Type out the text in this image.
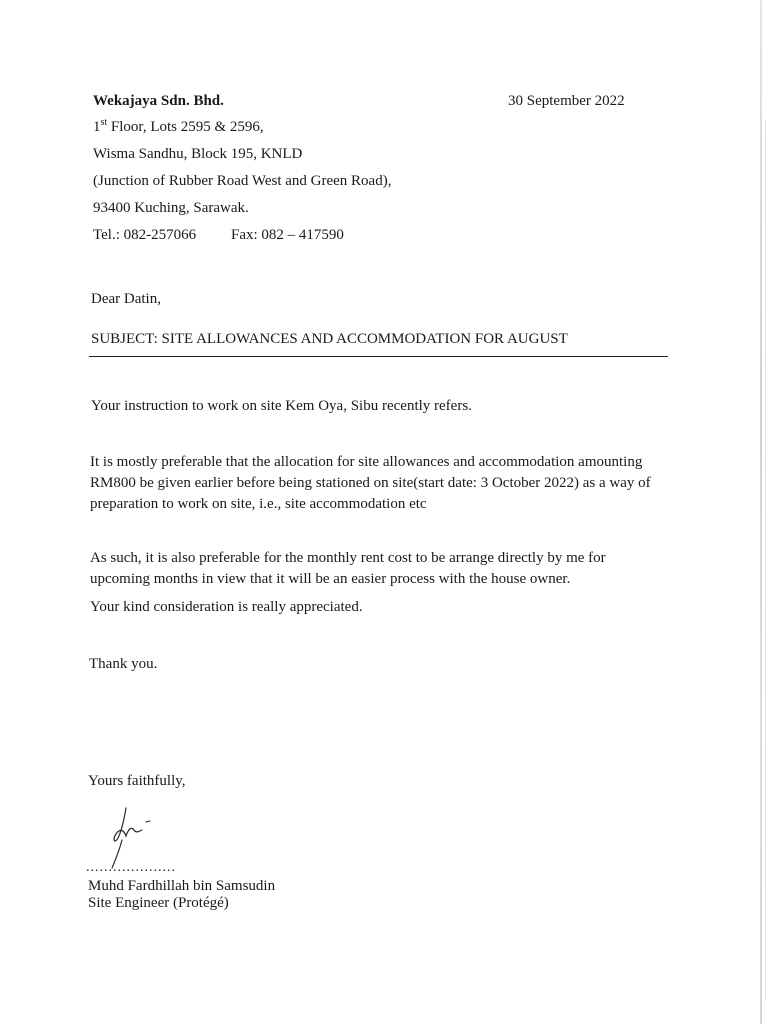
Wekajaya Sdn. Bhd.	30 September 2022
1st Floor, Lots 2595 & 2596,
Wisma Sandhu, Block 195, KNLD
(Junction of Rubber Road West and Green Road),
93400 Kuching, Sarawak.
Tel.: 082-257066 Fax: 082 – 417590
Dear Datin,
SUBJECT: SITE ALLOWANCES AND ACCOMMODATION FOR AUGUST
Your instruction to work on site Kem Oya, Sibu recently refers.
It is mostly preferable that the allocation for site allowances and accommodation amounting RM800 be given earlier before being stationed on site(start date: 3 October 2022) as a way of preparation to work on site, i.e., site accommodation etc
As such, it is also preferable for the monthly rent cost to be arrange directly by me for upcoming months in view that it will be an easier process with the house owner.
Your kind consideration is really appreciated.
Thank you.
Yours faithfully,
....................
Muhd Fardhillah bin Samsudin
Site Engineer (Protégé)
